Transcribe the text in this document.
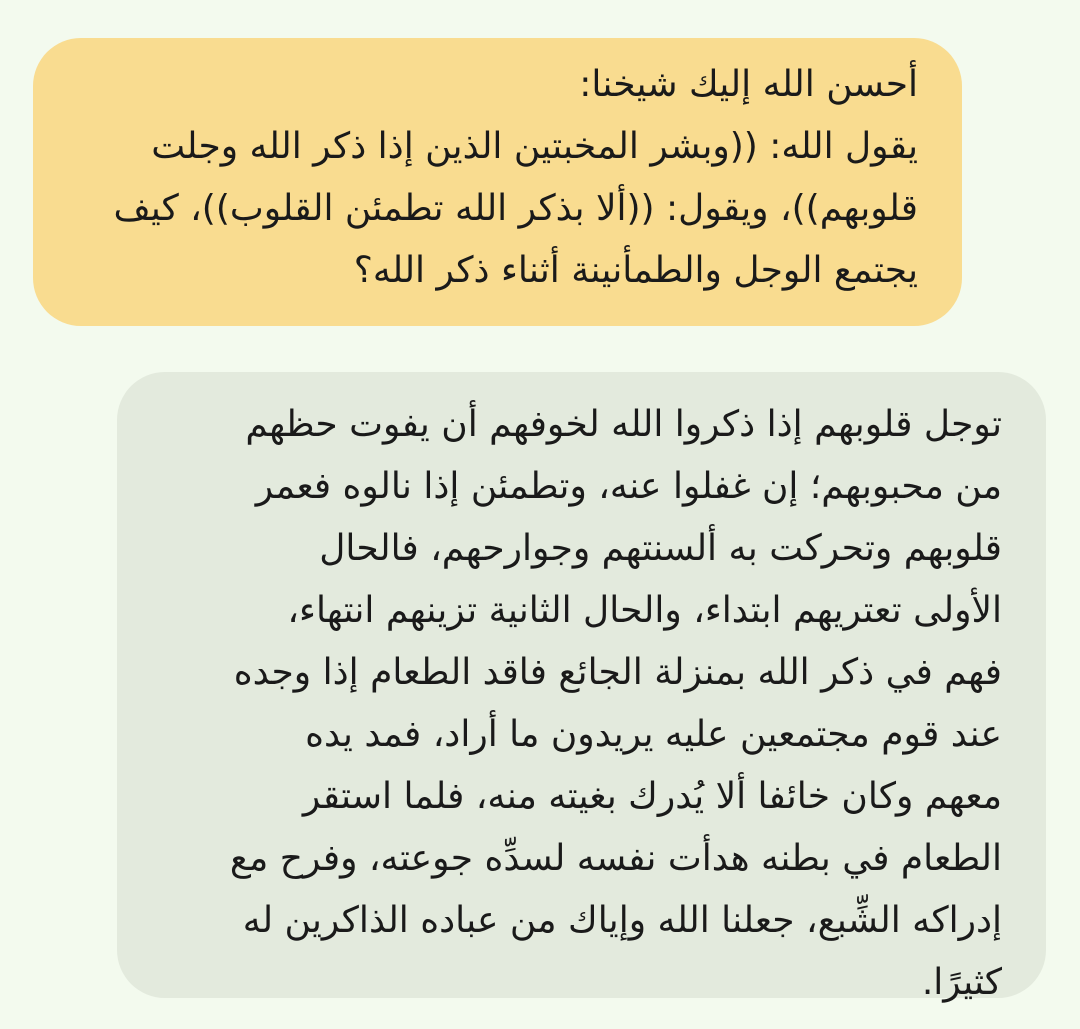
أحسن الله إليك شيخنا:
يقول الله: ((وبشر المخبتين الذين إذا ذكر الله وجلت
قلوبهم))، ويقول: ((ألا بذكر الله تطمئن القلوب))، كيف
يجتمع الوجل والطمأنينة أثناء ذكر الله؟
توجل قلوبهم إذا ذكروا الله لخوفهم أن يفوت حظهم
من محبوبهم؛ إن غفلوا عنه، وتطمئن إذا نالوه فعمر
قلوبهم وتحركت به ألسنتهم وجوارحهم، فالحال
الأولى تعتريهم ابتداء، والحال الثانية تزينهم انتهاء،
فهم في ذكر الله بمنزلة الجائع فاقد الطعام إذا وجده
عند قوم مجتمعين عليه يريدون ما أراد، فمد يده
معهم وكان خائفا ألا يُدرك بغيته منه، فلما استقر
الطعام في بطنه هدأت نفسه لسدِّه جوعته، وفرح مع
إدراكه الشِّبع، جعلنا الله وإياك من عباده الذاكرين له
كثيرًا.
